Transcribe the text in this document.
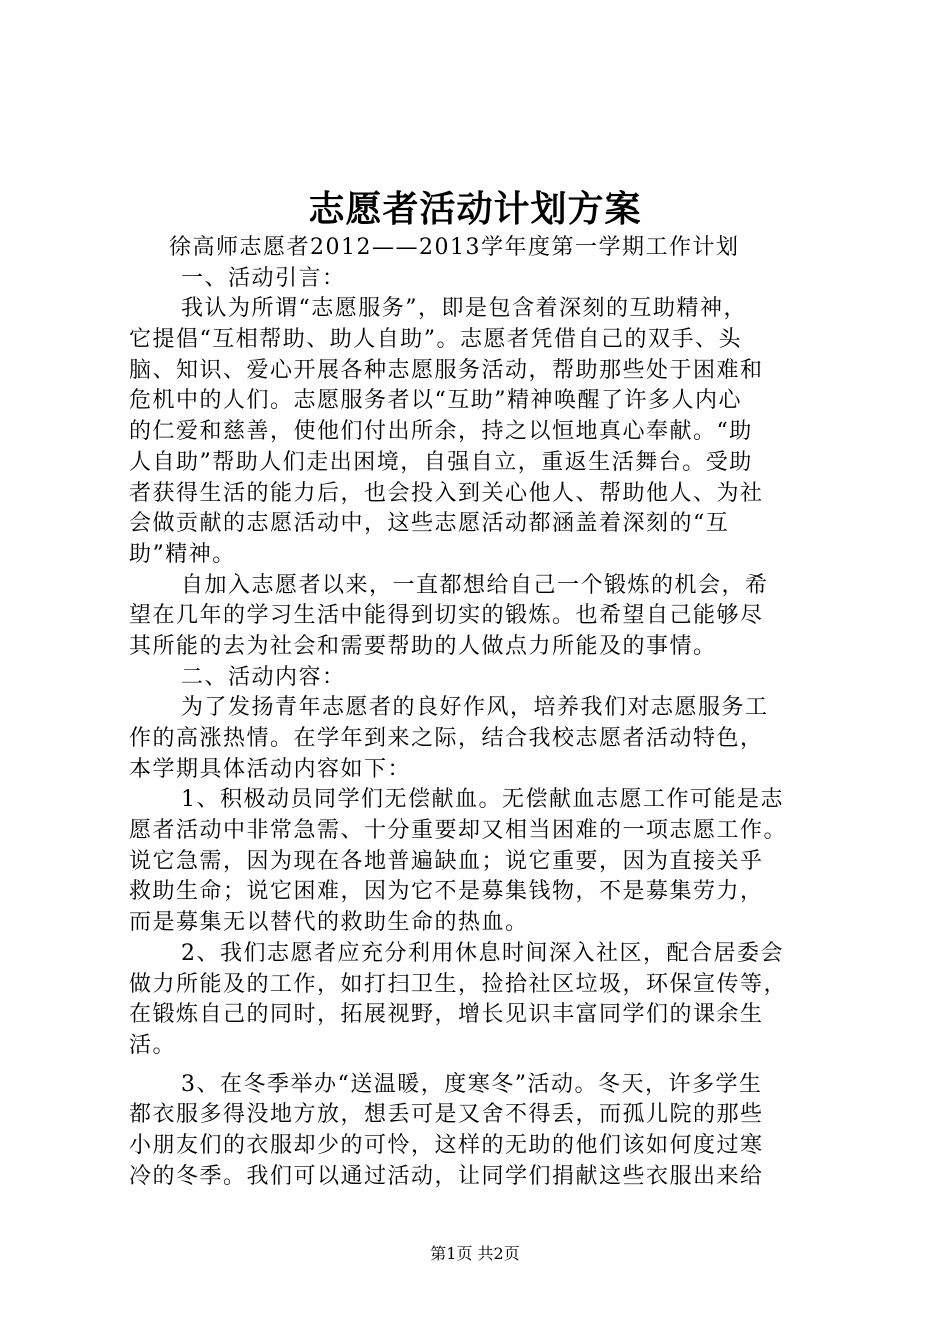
志愿者活动计划方案
徐高师志愿者2012——2013学年度第一学期工作计划
一、活动引言：
我认为所谓“志愿服务”，即是包含着深刻的互助精神，
它提倡“互相帮助、助人自助”。志愿者凭借自己的双手、头
脑、知识、爱心开展各种志愿服务活动，帮助那些处于困难和
危机中的人们。志愿服务者以“互助”精神唤醒了许多人内心
的仁爱和慈善，使他们付出所余，持之以恒地真心奉献。“助
人自助”帮助人们走出困境，自强自立，重返生活舞台。受助
者获得生活的能力后，也会投入到关心他人、帮助他人、为社
会做贡献的志愿活动中，这些志愿活动都涵盖着深刻的“互
助”精神。
自加入志愿者以来，一直都想给自己一个锻炼的机会，希
望在几年的学习生活中能得到切实的锻炼。也希望自己能够尽
其所能的去为社会和需要帮助的人做点力所能及的事情。
二、活动内容：
为了发扬青年志愿者的良好作风，培养我们对志愿服务工
作的高涨热情。在学年到来之际，结合我校志愿者活动特色，
本学期具体活动内容如下：
1、积极动员同学们无偿献血。无偿献血志愿工作可能是志
愿者活动中非常急需、十分重要却又相当困难的一项志愿工作。
说它急需，因为现在各地普遍缺血；说它重要，因为直接关乎
救助生命；说它困难，因为它不是募集钱物，不是募集劳力，
而是募集无以替代的救助生命的热血。
2、我们志愿者应充分利用休息时间深入社区，配合居委会
做力所能及的工作，如打扫卫生，捡拾社区垃圾，环保宣传等，
在锻炼自己的同时，拓展视野，增长见识丰富同学们的课余生
活。
3、在冬季举办“送温暖，度寒冬”活动。冬天，许多学生
都衣服多得没地方放，想丢可是又舍不得丢，而孤儿院的那些
小朋友们的衣服却少的可怜，这样的无助的他们该如何度过寒
冷的冬季。我们可以通过活动，让同学们捐献这些衣服出来给
第1页 共2页
